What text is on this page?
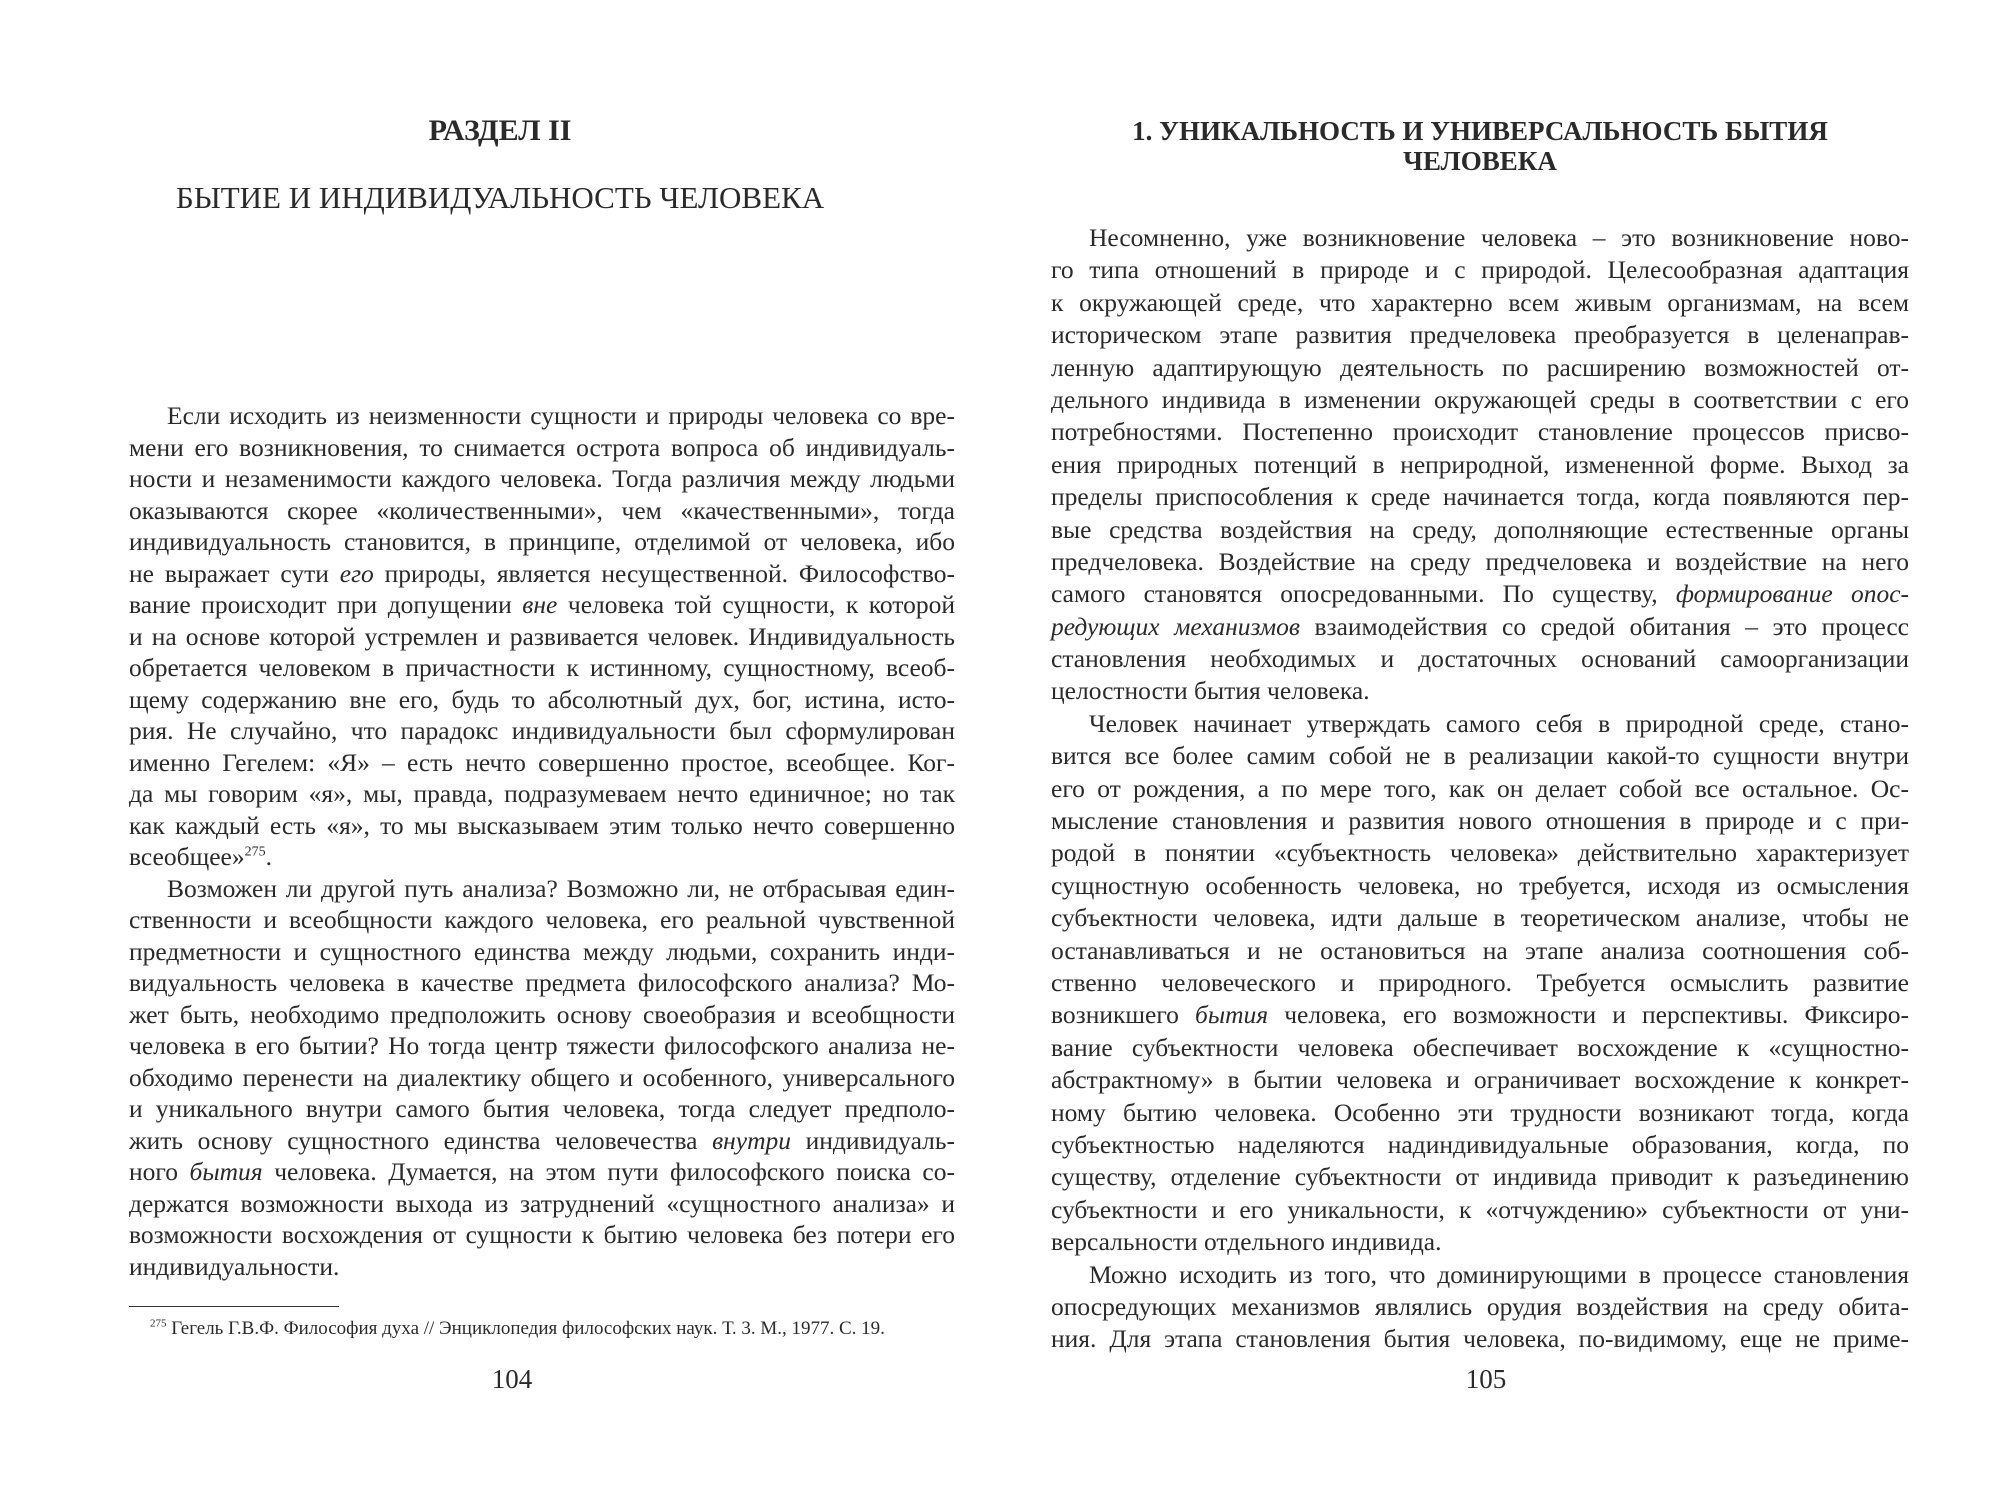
РАЗДЕЛ II
БЫТИЕ И ИНДИВИДУАЛЬНОСТЬ ЧЕЛОВЕКА
Если исходить из неизменности сущности и природы человека со вре-
мени его возникновения, то снимается острота вопроса об индивидуаль-
ности и незаменимости каждого человека. Тогда различия между людьми
оказываются скорее «количественными», чем «качественными», тогда
индивидуальность становится, в принципе, отделимой от человека, ибо
не выражает сути его природы, является несущественной. Философство-
вание происходит при допущении вне человека той сущности, к которой
и на основе которой устремлен и развивается человек. Индивидуальность
обретается человеком в причастности к истинному, сущностному, всеоб-
щему содержанию вне его, будь то абсолютный дух, бог, истина, исто-
рия. Не случайно, что парадокс индивидуальности был сформулирован
именно Гегелем: «Я» – есть нечто совершенно простое, всеобщее. Ког-
да мы говорим «я», мы, правда, подразумеваем нечто единичное; но так
как каждый есть «я», то мы высказываем этим только нечто совершенно
всеобщее»$^{275}$.
Возможен ли другой путь анализа? Возможно ли, не отбрасывая един-
ственности и всеобщности каждого человека, его реальной чувственной
предметности и сущностного единства между людьми, сохранить инди-
видуальность человека в качестве предмета философского анализа? Мо-
жет быть, необходимо предположить основу своеобразия и всеобщности
человека в его бытии? Но тогда центр тяжести философского анализа не-
обходимо перенести на диалектику общего и особенного, универсального
и уникального внутри самого бытия человека, тогда следует предполо-
жить основу сущностного единства человечества внутри индивидуаль-
ного бытия человека. Думается, на этом пути философского поиска со-
держатся возможности выхода из затруднений «сущностного анализа» и
возможности восхождения от сущности к бытию человека без потери его
индивидуальности.
$^{275}$ Гегель Г.В.Ф. Философия духа // Энциклопедия философских наук. Т. 3. М., 1977. С. 19.
104
1. УНИКАЛЬНОСТЬ И УНИВЕРСАЛЬНОСТЬ БЫТИЯ
ЧЕЛОВЕКА
Несомненно, уже возникновение человека – это возникновение ново-
го типа отношений в природе и с природой. Целесообразная адаптация
к окружающей среде, что характерно всем живым организмам, на всем
историческом этапе развития предчеловека преобразуется в целенаправ-
ленную адаптирующую деятельность по расширению возможностей от-
дельного индивида в изменении окружающей среды в соответствии с его
потребностями. Постепенно происходит становление процессов присво-
ения природных потенций в неприродной, измененной форме. Выход за
пределы приспособления к среде начинается тогда, когда появляются пер-
вые средства воздействия на среду, дополняющие естественные органы
предчеловека. Воздействие на среду предчеловека и воздействие на него
самого становятся опосредованными. По существу, формирование опос-
редующих механизмов взаимодействия со средой обитания – это процесс
становления необходимых и достаточных оснований самоорганизации
целостности бытия человека.
Человек начинает утверждать самого себя в природной среде, стано-
вится все более самим собой не в реализации какой-то сущности внутри
его от рождения, а по мере того, как он делает собой все остальное. Ос-
мысление становления и развития нового отношения в природе и с при-
родой в понятии «субъектность человека» действительно характеризует
сущностную особенность человека, но требуется, исходя из осмысления
субъектности человека, идти дальше в теоретическом анализе, чтобы не
останавливаться и не остановиться на этапе анализа соотношения соб-
ственно человеческого и природного. Требуется осмыслить развитие
возникшего бытия человека, его возможности и перспективы. Фиксиро-
вание субъектности человека обеспечивает восхождение к «сущностно-
абстрактному» в бытии человека и ограничивает восхождение к конкрет-
ному бытию человека. Особенно эти трудности возникают тогда, когда
субъектностью наделяются надиндивидуальные образования, когда, по
существу, отделение субъектности от индивида приводит к разъединению
субъектности и его уникальности, к «отчуждению» субъектности от уни-
версальности отдельного индивида.
Можно исходить из того, что доминирующими в процессе становления
опосредующих механизмов являлись орудия воздействия на среду обита-
ния. Для этапа становления бытия человека, по-видимому, еще не приме-
105
